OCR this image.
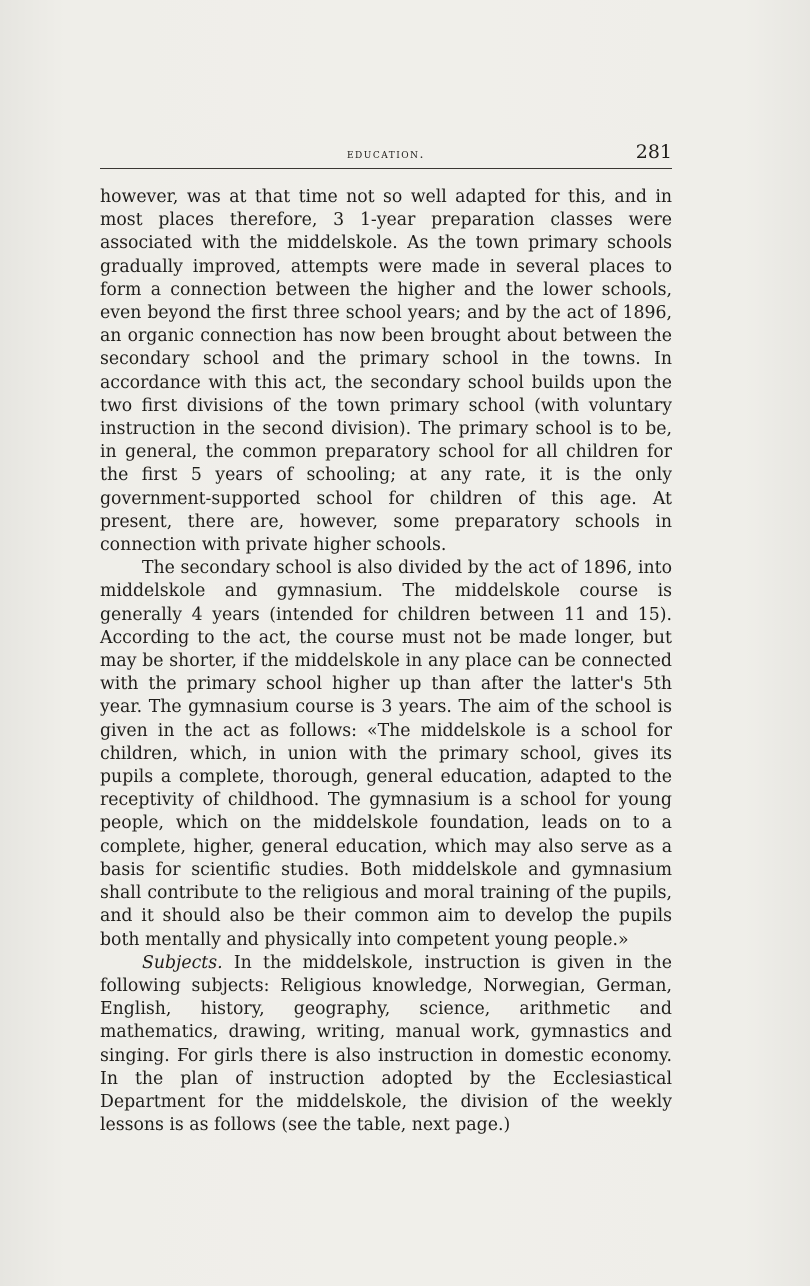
education.	281

however, was at that time not so well adapted for this, and in most places therefore, 3 1-year preparation classes were associated with the middelskole. As the town primary schools gradually improved, attempts were made in several places to form a connection between the higher and the lower schools, even beyond the first three school years; and by the act of 1896, an organic connection has now been brought about between the secondary school and the primary school in the towns. In accordance with this act, the secondary school builds upon the two first divisions of the town primary school (with voluntary instruction in the second division). The primary school is to be, in general, the common preparatory school for all children for the first 5 years of schooling; at any rate, it is the only government-supported school for children of this age. At present, there are, however, some preparatory schools in connection with private higher schools.

The secondary school is also divided by the act of 1896, into middelskole and gymnasium. The middelskole course is generally 4 years (intended for children between 11 and 15). According to the act, the course must not be made longer, but may be shorter, if the middelskole in any place can be connected with the primary school higher up than after the latter's 5th year. The gymnasium course is 3 years. The aim of the school is given in the act as follows: «The middelskole is a school for children, which, in union with the primary school, gives its pupils a complete, thorough, general education, adapted to the receptivity of childhood. The gymnasium is a school for young people, which on the middelskole foundation, leads on to a complete, higher, general education, which may also serve as a basis for scientific studies. Both middelskole and gymnasium shall contribute to the religious and moral training of the pupils, and it should also be their common aim to develop the pupils both mentally and physically into competent young people.»

Subjects. In the middelskole, instruction is given in the following subjects: Religious knowledge, Norwegian, German, English, history, geography, science, arithmetic and mathematics, drawing, writing, manual work, gymnastics and singing. For girls there is also instruction in domestic economy. In the plan of instruction adopted by the Ecclesiastical Department for the middelskole, the division of the weekly lessons is as follows (see the table, next page.)
